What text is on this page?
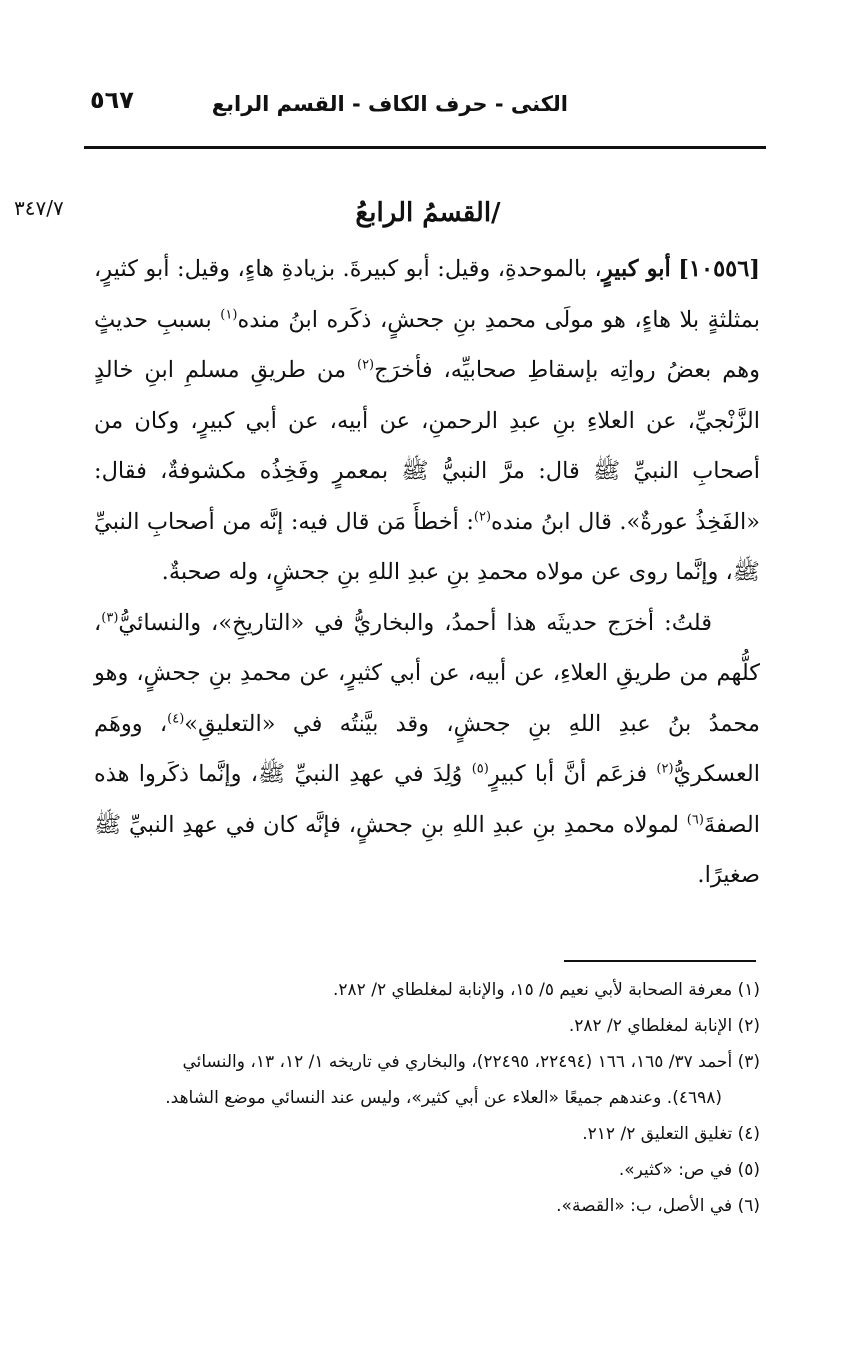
الكنى - حرف الكاف - القسم الرابع
٥٦٧
٣٤٧/٧	/القسمُ الرابعُ

[١٠٥٥٦] أبو كبيرٍ، بالموحدةِ، وقيل: أبو كبيرةَ. بزيادةِ هاءٍ، وقيل: أبو كثيرٍ، بمثلثةٍ بلا هاءٍ، هو مولَى محمدِ بنِ جحشٍ، ذكَره ابنُ منده$^{(١)}$ بسببِ حديثٍ وهم بعضُ رواتِه بإسقاطِ صحابيِّه، فأخرَج$^{(٢)}$ من طريقِ مسلمِ ابنِ خالدٍ الزَّنْجيِّ، عن العلاءِ بنِ عبدِ الرحمنِ، عن أبيه، عن أبي كبيرٍ، وكان من أصحابِ النبيِّ ﷺ قال: مرَّ النبيُّ ﷺ بمعمرٍ وفَخِذُه مكشوفةٌ، فقال: «الفَخِذُ عورةٌ». قال ابنُ منده$^{(٢)}$: أخطأَ مَن قال فيه: إنَّه من أصحابِ النبيِّ ﷺ، وإنَّما روى عن مولاه محمدِ بنِ عبدِ اللهِ بنِ جحشٍ، وله صحبةٌ.

قلتُ: أخرَج حديثَه هذا أحمدُ، والبخاريُّ في «التاريخِ»، والنسائيُّ$^{(٣)}$، كلُّهم من طريقِ العلاءِ، عن أبيه، عن أبي كثيرٍ، عن محمدِ بنِ جحشٍ، وهو محمدُ بنُ عبدِ اللهِ بنِ جحشٍ، وقد بيَّنتُه في «التعليقِ»$^{(٤)}$، ووهَم العسكريُّ$^{(٢)}$ فزعَم أنَّ أبا كبيرٍ$^{(٥)}$ وُلِدَ في عهدِ النبيِّ ﷺ، وإنَّما ذكَروا هذه الصفةَ$^{(٦)}$ لمولاه محمدِ بنِ عبدِ اللهِ بنِ جحشٍ، فإنَّه كان في عهدِ النبيِّ ﷺ صغيرًا.

(١) معرفة الصحابة لأبي نعيم ٥/ ١٥، والإنابة لمغلطاي ٢/ ٢٨٢.

(٢) الإنابة لمغلطاي ٢/ ٢٨٢.

(٣) أحمد ٣٧/ ١٦٥، ١٦٦ (٢٢٤٩٤، ٢٢٤٩٥)، والبخاري في تاريخه ١/ ١٢، ١٣، والنسائي

(٤٦٩٨). وعندهم جميعًا «العلاء عن أبي كثير»، وليس عند النسائي موضع الشاهد.

(٤) تغليق التعليق ٢/ ٢١٢.

(٥) في ص: «كثير».

(٦) في الأصل، ب: «القصة».
